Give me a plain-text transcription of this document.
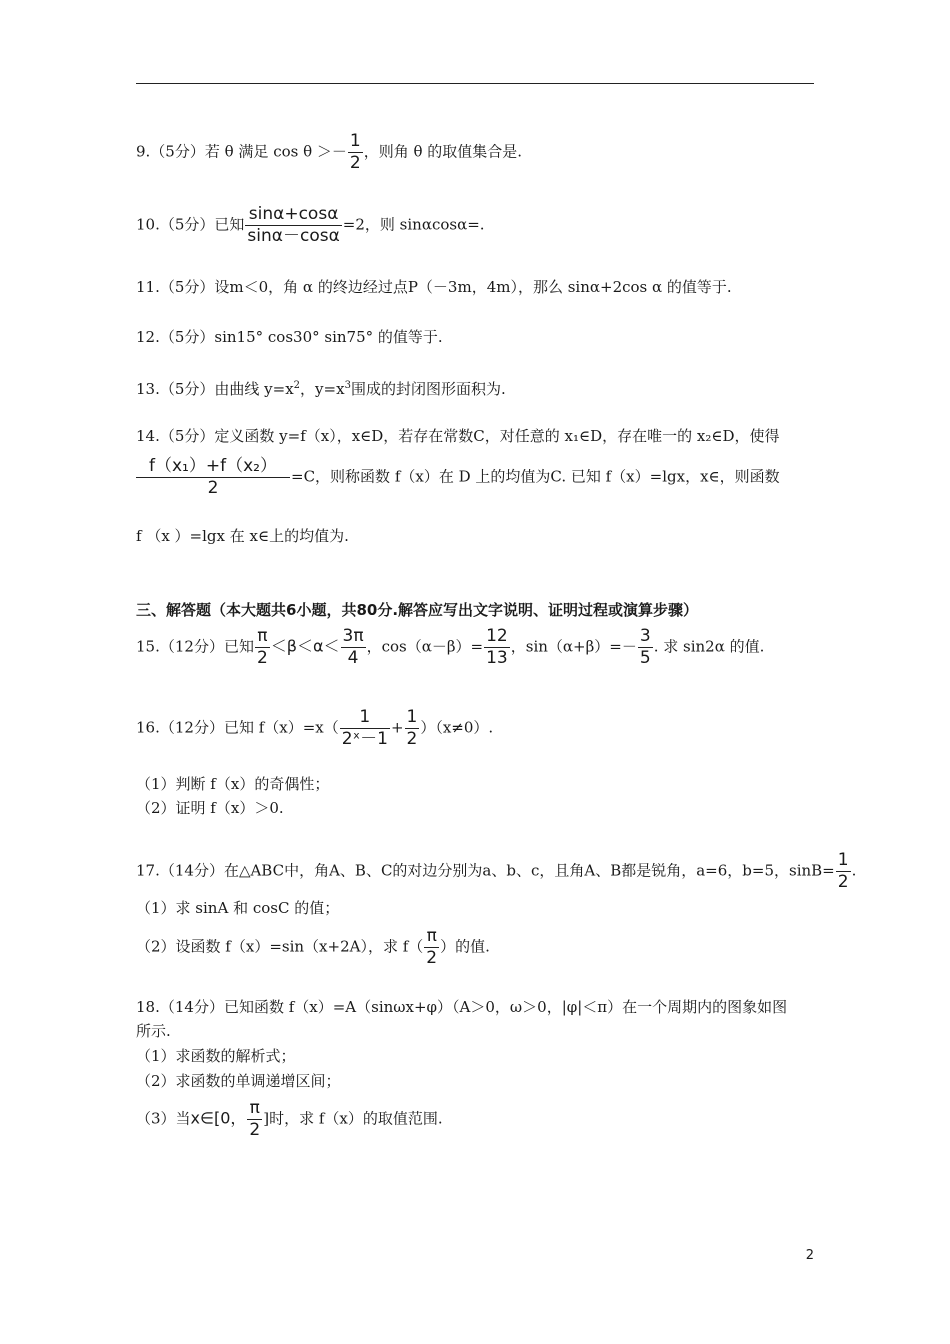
9.（5分）若 θ 满足 $\cos \theta >- \frac{1}{2}$ ，则角 θ 的取值集合是.
10.（5分）已知 $\frac{\sin\alpha+\cos\alpha}{\sin\alpha-\cos\alpha} =2$，则 sinαcosα=.
11.（5分）设m＜0，角 α 的终边经过点P（－3m，4m），那么 sinα+2cos α 的值等于.
12.（5分）sin15° cos30° sin75° 的值等于.
13.（5分）由曲线 $y=x^2$，$y=x^3$围成的封闭图形面积为.
14.（5分）定义函数 y=f（x），x∈D，若存在常数C，对任意的 x₁∈D，存在唯一的 x₂∈D，使得
$\frac{\text{f（x₁）+f（x₂）}}{2} =C$，则称函数 f（x）在 D 上的均值为C. 已知 f（x）=lgx，x∈，则函数
f （x ）=lgx 在 x∈上的均值为.
三、解答题（本大题共6小题，共80分.解答应写出文字说明、证明过程或演算步骤）
15.（12分）已知 $\frac{\pi}{2} <\beta<\alpha< \frac{3\pi}{4}$ ，$\cos(\alpha-\beta)= \frac{12}{13}$ ，$\sin(\alpha+\beta)=- \frac{3}{5}$ . 求 sin2α 的值.
16.（12分）已知 $f(x)=x( \frac{1}{\text{2ˣ－1}} + \frac{1}{2} )(x\ne 0)$.
（1）判断 f（x）的奇偶性；
（2）证明 f（x）＞0.
17.（14分）在△ABC中，角A、B、C的对边分别为a、b、c，且角A、B都是锐角，a=6，b=5，$\sin B= \frac{1}{2}$ .
（1）求 sinA 和 cosC 的值；
（2）设函数 f（x）=sin（x+2A），求 $f( \frac{\pi}{2}$ ）的值.
18.（14分）已知函数 f（x）=A（sinωx+φ）（A＞0，ω＞0，|φ|＜π）在一个周期内的图象如图
所示.
（1）求函数的解析式；
（2）求函数的单调递增区间；
（3）当x∈[0， $\frac{\pi}{2}$ ]时，求 f（x）的取值范围.
2
